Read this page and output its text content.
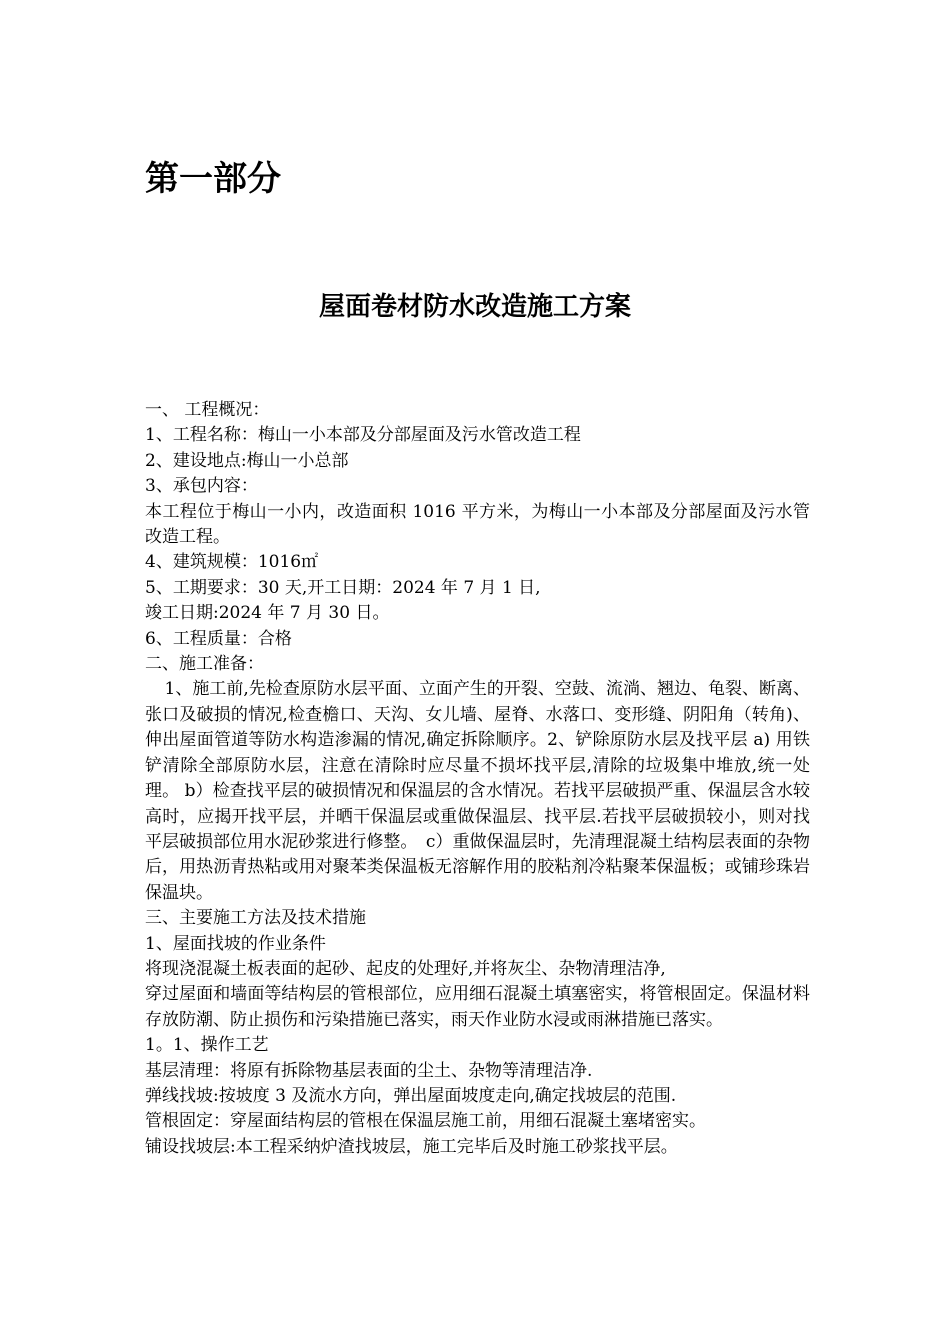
第一部分
屋面卷材防水改造施工方案

一、 工程概况：

1、工程名称：梅山一小本部及分部屋面及污水管改造工程

2、建设地点:梅山一小总部

3、承包内容：

本工程位于梅山一小内，改造面积 1016 平方米，为梅山一小本部及分部屋面及污水管改造工程。

4、建筑规模：1016㎡

5、工期要求：30 天,开工日期：2024 年 7 月 1 日,

竣工日期:2024 年 7 月 30 日。

6、工程质量：合格

二、施工准备：

1、施工前,先检查原防水层平面、立面产生的开裂、空鼓、流淌、翘边、龟裂、断离、张口及破损的情况,检查檐口、天沟、女儿墙、屋脊、水落口、变形缝、阴阳角（转角)、伸出屋面管道等防水构造渗漏的情况,确定拆除顺序。2、铲除原防水层及找平层 a) 用铁铲清除全部原防水层，注意在清除时应尽量不损坏找平层,清除的垃圾集中堆放,统一处理。 b）检查找平层的破损情况和保温层的含水情况。若找平层破损严重、保温层含水较高时，应揭开找平层，并晒干保温层或重做保温层、找平层.若找平层破损较小，则对找平层破损部位用水泥砂浆进行修整。　c）重做保温层时，先清理混凝土结构层表面的杂物后，用热沥青热粘或用对聚苯类保温板无溶解作用的胶粘剂冷粘聚苯保温板；或铺珍珠岩保温块。

三、主要施工方法及技术措施

1、屋面找坡的作业条件

将现浇混凝土板表面的起砂、起皮的处理好,并将灰尘、杂物清理洁净,

穿过屋面和墙面等结构层的管根部位，应用细石混凝土填塞密实，将管根固定。保温材料存放防潮、防止损伤和污染措施已落实，雨天作业防水浸或雨淋措施已落实。

1。1、操作工艺

基层清理：将原有拆除物基层表面的尘土、杂物等清理洁净.

弹线找坡:按坡度 3 及流水方向，弹出屋面坡度走向,确定找坡层的范围.

管根固定：穿屋面结构层的管根在保温层施工前，用细石混凝土塞堵密实。

铺设找坡层:本工程采纳炉渣找坡层，施工完毕后及时施工砂浆找平层。
